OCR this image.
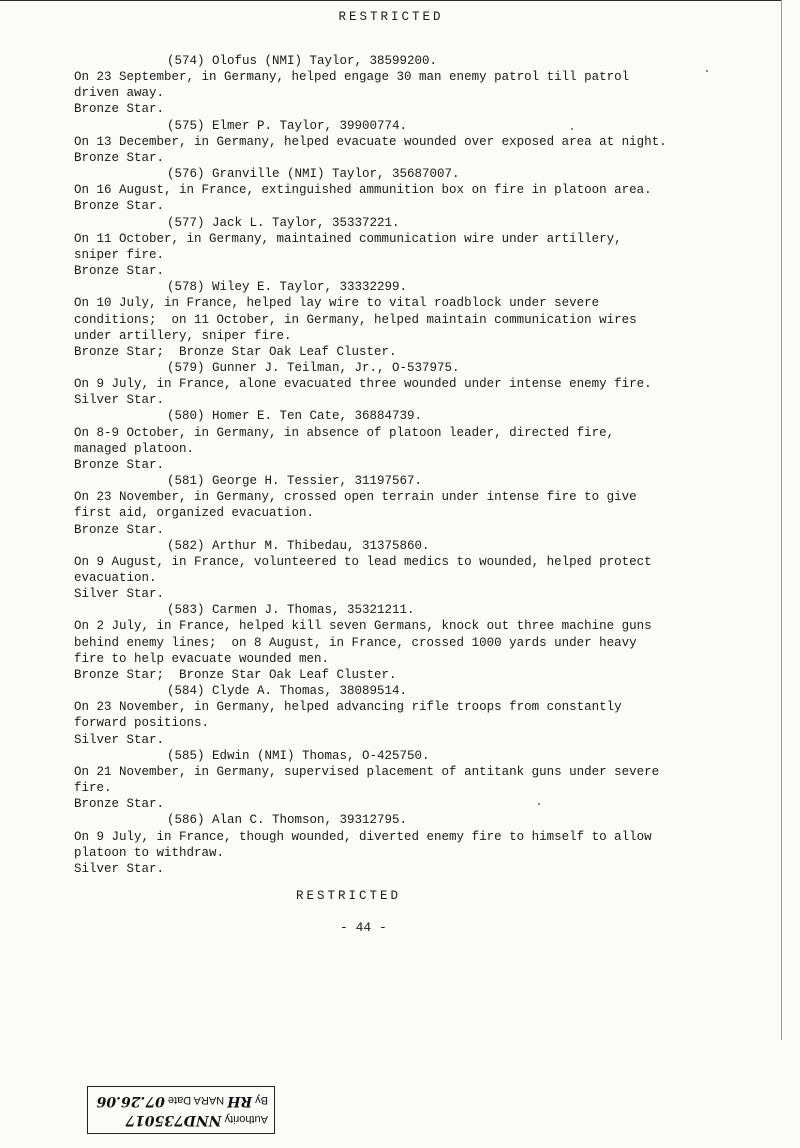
RESTRICTED
(574) Olofus (NMI) Taylor, 38599200.
On 23 September, in Germany, helped engage 30 man enemy patrol till patrol
driven away.
Bronze Star.
(575) Elmer P. Taylor, 39900774.
On 13 December, in Germany, helped evacuate wounded over exposed area at night.
Bronze Star.
(576) Granville (NMI) Taylor, 35687007.
On 16 August, in France, extinguished ammunition box on fire in platoon area.
Bronze Star.
(577) Jack L. Taylor, 35337221.
On 11 October, in Germany, maintained communication wire under artillery,
sniper fire.
Bronze Star.
(578) Wiley E. Taylor, 33332299.
On 10 July, in France, helped lay wire to vital roadblock under severe
conditions;  on 11 October, in Germany, helped maintain communication wires
under artillery, sniper fire.
Bronze Star;  Bronze Star Oak Leaf Cluster.
(579) Gunner J. Teilman, Jr., O-537975.
On 9 July, in France, alone evacuated three wounded under intense enemy fire.
Silver Star.
(580) Homer E. Ten Cate, 36884739.
On 8-9 October, in Germany, in absence of platoon leader, directed fire,
managed platoon.
Bronze Star.
(581) George H. Tessier, 31197567.
On 23 November, in Germany, crossed open terrain under intense fire to give
first aid, organized evacuation.
Bronze Star.
(582) Arthur M. Thibedau, 31375860.
On 9 August, in France, volunteered to lead medics to wounded, helped protect
evacuation.
Silver Star.
(583) Carmen J. Thomas, 35321211.
On 2 July, in France, helped kill seven Germans, knock out three machine guns
behind enemy lines;  on 8 August, in France, crossed 1000 yards under heavy
fire to help evacuate wounded men.
Bronze Star;  Bronze Star Oak Leaf Cluster.
(584) Clyde A. Thomas, 38089514.
On 23 November, in Germany, helped advancing rifle troops from constantly
forward positions.
Silver Star.
(585) Edwin (NMI) Thomas, O-425750.
On 21 November, in Germany, supervised placement of antitank guns under severe
fire.
Bronze Star.
(586) Alan C. Thomson, 39312795.
On 9 July, in France, though wounded, diverted enemy fire to himself to allow
platoon to withdraw.
Silver Star.
RESTRICTED
- 44 -
Authority NND735017
By RH NARA Date 07.26.06
